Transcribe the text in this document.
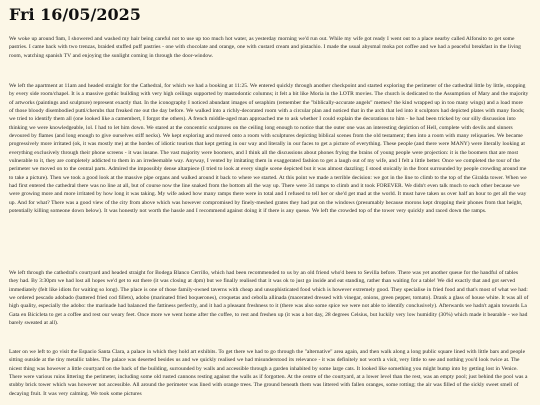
Fri 16/05/2025

We woke up around 9am, I showered and washed my hair being careful not to use up too much hot water, as yesterday morning we'd run out. While my wife got ready I went out to a place nearby called Alfonsito to get some pastries. I came back with two trenzas, braided stuffed puff pastries - one with chocolate and orange, one with custard cream and pistachio. I made the usual abysmal moka pot coffee and we had a peaceful breakfast in the living room, watching spanish TV and enjoying the sunlight coming in through the door-window.

We left the apartment at 11am and headed straight for the Cathedral, for which we had a booking at 11:25. We entered quickly through another checkpoint and started exploring the perimeter of the cathedral little by little, stopping by every side room/chapel. It is a massive gothic building with very high ceilings supported by mastodontic columns; it felt a bit like Moria in the LOTR movies. The church is dedicated to the Assumption of Mary and the majority of artworks (paintings and sculpture) represent exactly that. In the iconography I noticed abundant images of seraphim (remember the "biblically-accurate angels" memes? the kind wrapped up in too many wings) and a load more of those bloody disembodied putti/cherubs that freaked me out the day before. We walked into a richly-decorated room with a circular plan and noticed that in the arch that led into it sculptors had depicted plates with many foods; we tried to identify them all (one looked like a camembert, I forgot the others). A french middle-aged man approached me to ask whether I could explain the decorations to him - he had been tricked by our silly discussion into thinking we were knowledgeable, lol. I had to let him down. We stared at the concentric sculptures on the ceiling long enough to notice that the outer one was an interesting depiction of Hell, complete with devils and sinners devoured by flames (and long enough to give ourselves stiff necks). We kept exploring and moved onto a room with sculptures depicting biblical scenes from the old testament; then into a room with many reliquaries. We became progressively more irritated (ok, it was mostly me) at the hordes of idiotic tourists that kept getting in our way and literally in our faces to get a picture of everything. These people (and there were MANY) were literally looking at everything exclusively through their phone screens - it was insane. The vast majority were boomers, and I think all the discussions about phones frying the brains of young people were projection: it is the boomers that are most vulnerable to it, they are completely addicted to them in an irredeemable way. Anyway, I vented by imitating them in exaggerated fashion to get a laugh out of my wife, and I felt a little better. Once we completed the tour of the perimeter we moved on to the central parts. Admired the impossibly dense altarpiece (I tried to look at every single scene depicted but it was almost dazzling; I stood stoically in the front surrounded by people crowding around me to take a picture). Then we took a good look at the massive pipe organs and walked around it back to where we started. At this point we made a terrible decision: we got in the line to climb to the top of the Giralda tower. When we had first entered the cathedral there was no line at all, but of course now the line snaked from the bottom all the way up. There were 34 ramps to climb and it took FOREVER. We didn't even talk much to each other because we were growing more and more irritated by how long it was taking. My wife asked how many ramps there were in total and I refused to tell her or she'd get mad at the world. It must have taken us over half an hour to get all the way up. And for what? There was a good view of the city from above which was however compromised by finely-meshed grates they had put on the windows (presumably because morons kept dropping their phones from that height, potentially killing someone down below). It was honestly not worth the hassle and I recommend against doing it if there is any queue. We left the crowded top of the tower very quickly and raced down the ramps.

We left through the cathedral's courtyard and headed straight for Bodega Blanco Cerrillo, which had been recommended to us by an old friend who'd been to Sevilla before. There was yet another queue for the handful of tables they had. By 3:30pm we had lost all hopes we'd get to eat there (it was closing at 4pm) but we finally realised that it was ok to just go inside and eat standing, rather than waiting for a table! We did exactly that and got served immediately (felt like idiots for waiting so long). The place is one of those family-owned taverns with cheap and unsophisticated food which is however extremely good. They specialise in fried food and that's most of what we had: we ordered pescado adobado (battered fried cod fillets), adobo (marinated fried boquerones), croquetas and cebolla allinada (macerated dressed with vinegar, onions, green pepper, tomato). Drank a glass of house white. It was all of high quality, especially the adobo: the marinade had balanced the fattiness perfectly, and it had a pleasant freshness to it (there was also some spice we were not able to identify conclusively). Afterwards we hadn't again towards La Gata en Bicicleta to get a coffee and rest our weary feet. Once more we went home after the coffee, to rest and freshen up (it was a hot day, 28 degrees Celsius, but luckily very low humidity (30%) which made it bearable - we had barely sweated at all).

Later on we left to go visit the Espacio Santa Clara, a palace in which they hold art exhibits. To get there we had to go through the "alternative" area again, and then walk along a long public square lined with little bars and people sitting outside at the tiny metallic tables. The palace was deserted besides us and we quickly realised we had misunderstood its relevance - it was definitely not worth a visit, very little to see and nothing you'd look twice at. The nicest thing was however a little courtyard on the back of the building, surrounded by walls and accessible through a garden inhabited by some large cats. It looked like something you might bump into by getting lost in Venice. There were various ruins littering the perimeter, including some old rusted cannons resting against the walls as if forgotten. At the centre of the courtyard, at a lower level than the rest, was an empty pool; just behind the pool was a stubby brick tower which was however not accessible. All around the perimeter was lined with orange trees. The ground beneath them was littered with fallen oranges, some rotting; the air was filled of the sickly sweet smell of decaying fruit. It was very calming. We took some pictures
